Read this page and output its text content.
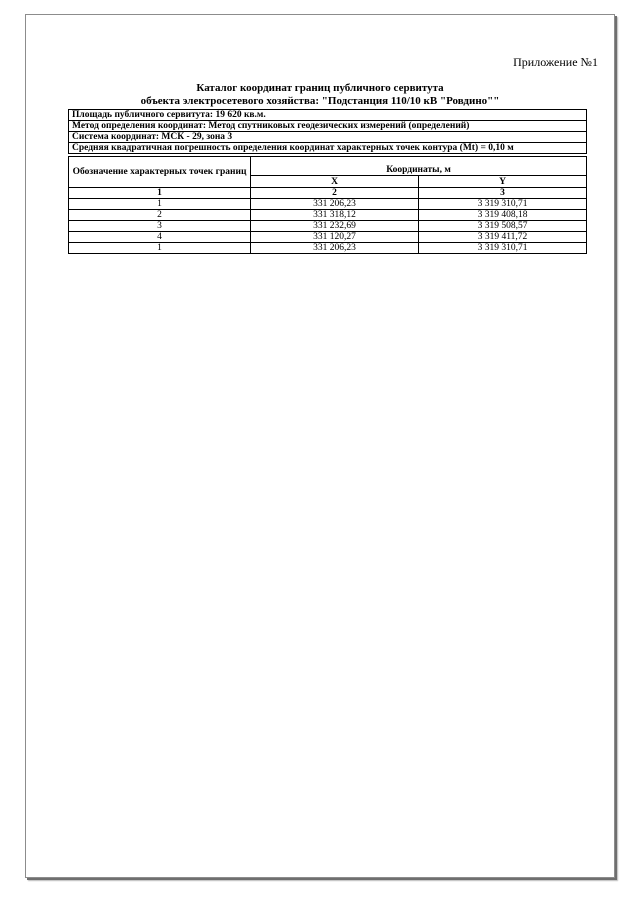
Приложение №1
Каталог координат границ публичного сервитута
объекта электросетевого хозяйства: "Подстанция 110/10 кВ "Ровдино""
Площадь публичного сервитута: 19 620 кв.м.		
Метод определения координат: Метод спутниковых геодезических измерений (определений)		
Система координат: МСК - 29, зона 3		
Средняя квадратичная погрешность определения координат характерных точек контура (Mt) = 0,10 м		

Обозначение характерных точек границ	Координаты, м	
	X	Y
1	2	3
1	331 206,23	3 319 310,71
2	331 318,12	3 319 408,18
3	331 232,69	3 319 508,57
4	331 120,27	3 319 411,72
1	331 206,23	3 319 310,71
